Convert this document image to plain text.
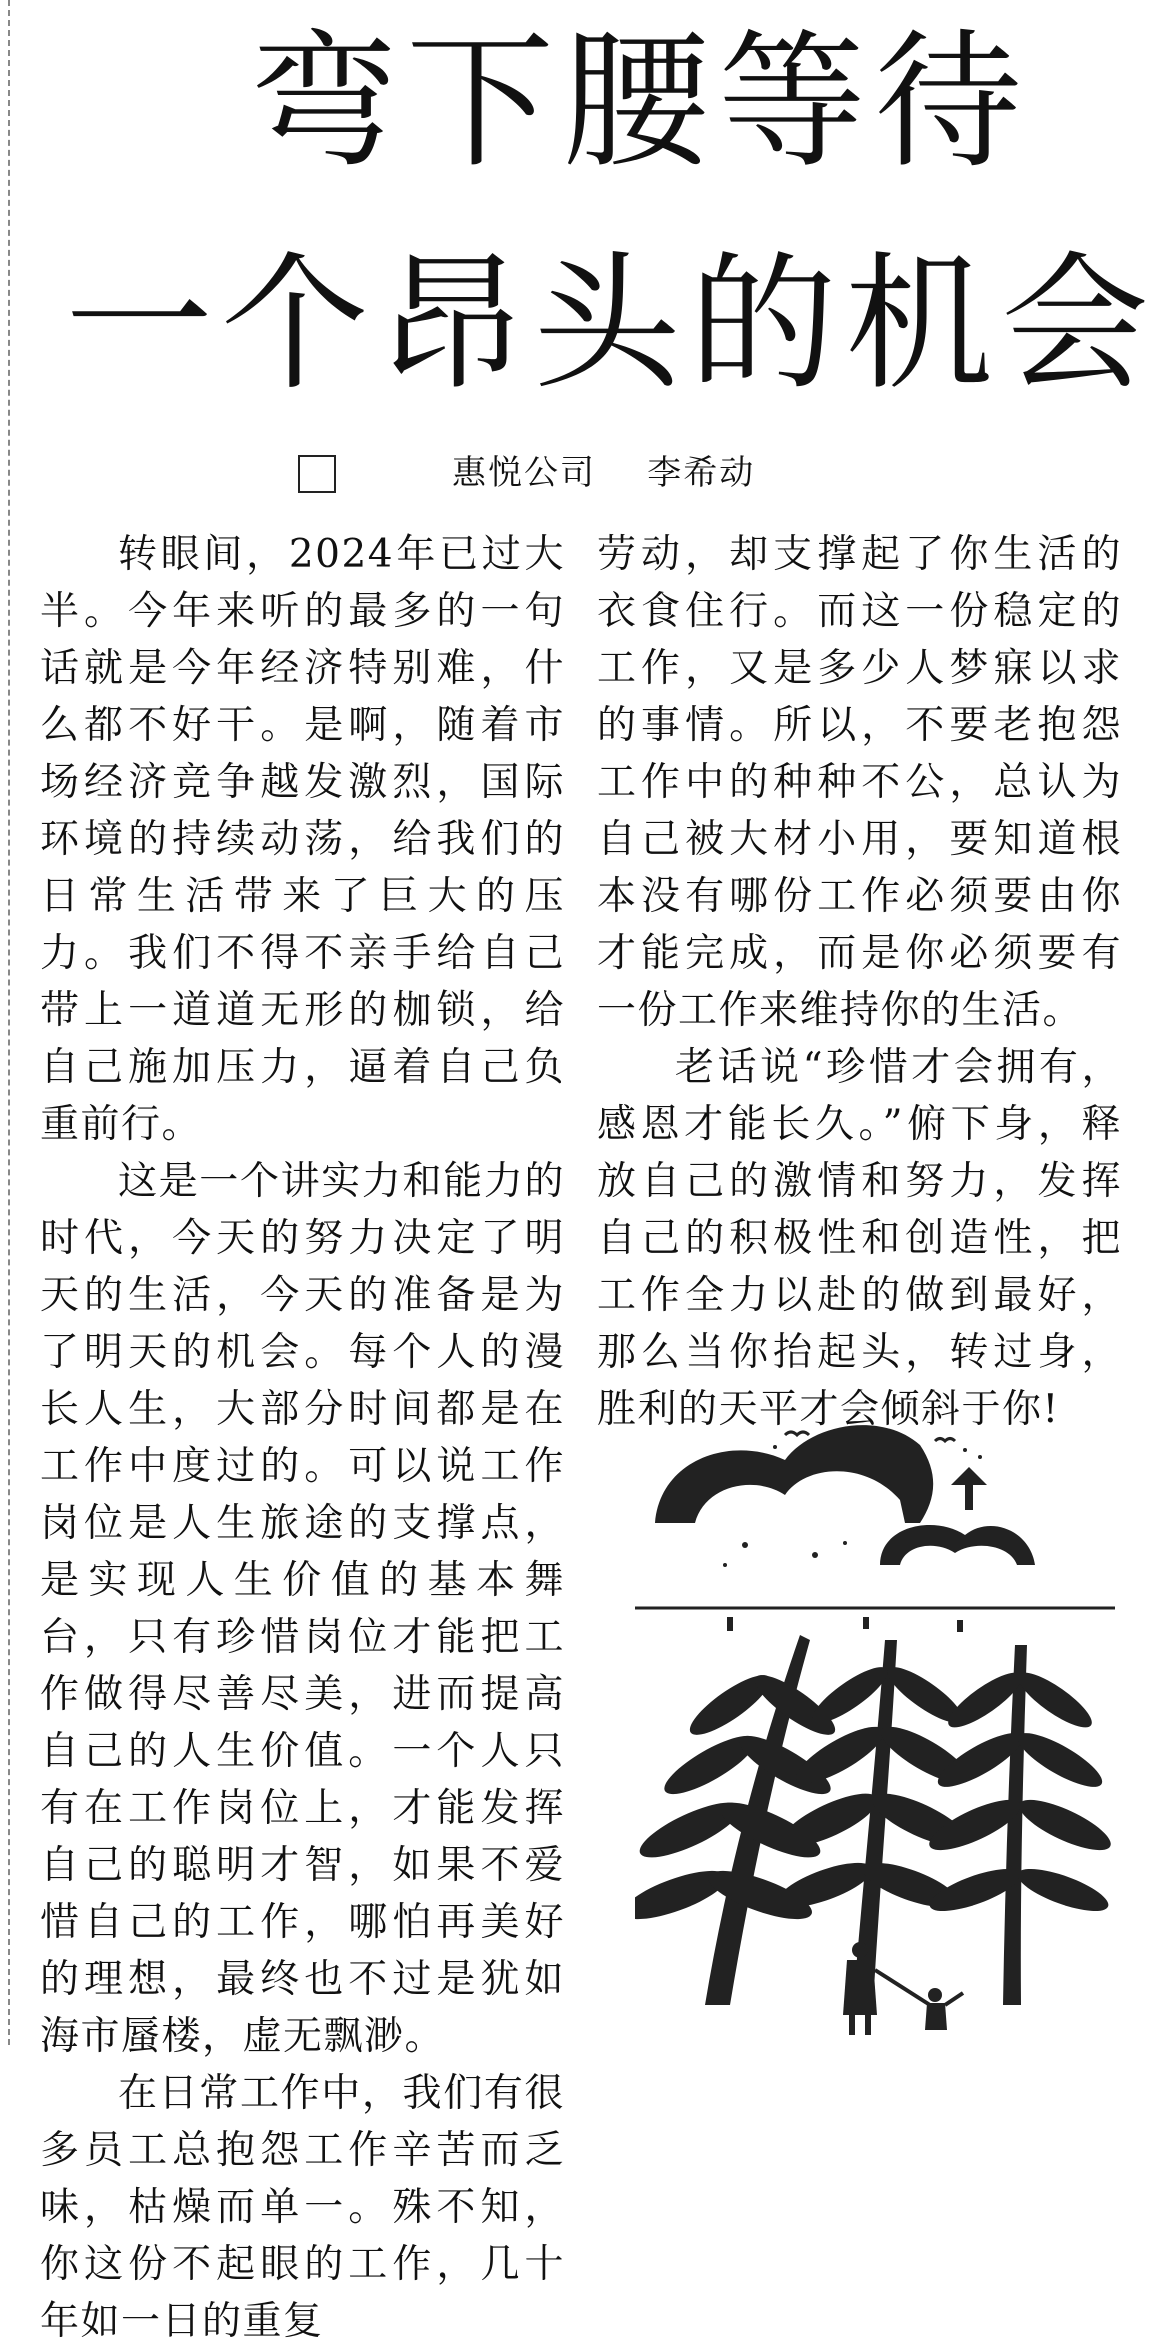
弯下腰等待
一个昂头的机会

惠悦公司    李希动

转眼间，2024年已过大半。今年来听的最多的一句话就是今年经济特别难，什么都不好干。是啊，随着市场经济竞争越发激烈，国际环境的持续动荡，给我们的日常生活带来了巨大的压力。我们不得不亲手给自己带上一道道无形的枷锁，给自己施加压力，逼着自己负重前行。

这是一个讲实力和能力的时代，今天的努力决定了明天的生活，今天的准备是为了明天的机会。每个人的漫长人生，大部分时间都是在工作中度过的。可以说工作岗位是人生旅途的支撑点，是实现人生价值的基本舞台，只有珍惜岗位才能把工作做得尽善尽美，进而提高自己的人生价值。一个人只有在工作岗位上，才能发挥自己的聪明才智，如果不爱惜自己的工作，哪怕再美好的理想，最终也不过是犹如海市蜃楼，虚无飘渺。

在日常工作中，我们有很多员工总抱怨工作辛苦而乏味，枯燥而单一。殊不知，你这份不起眼的工作，几十年如一日的重复

劳动，却支撑起了你生活的衣食住行。而这一份稳定的工作，又是多少人梦寐以求的事情。所以，不要老抱怨工作中的种种不公，总认为自己被大材小用，要知道根本没有哪份工作必须要由你才能完成，而是你必须要有一份工作来维持你的生活。

老话说“珍惜才会拥有，感恩才能长久。”俯下身，释放自己的激情和努力，发挥自己的积极性和创造性，把工作全力以赴的做到最好，那么当你抬起头，转过身，胜利的天平才会倾斜于你!
